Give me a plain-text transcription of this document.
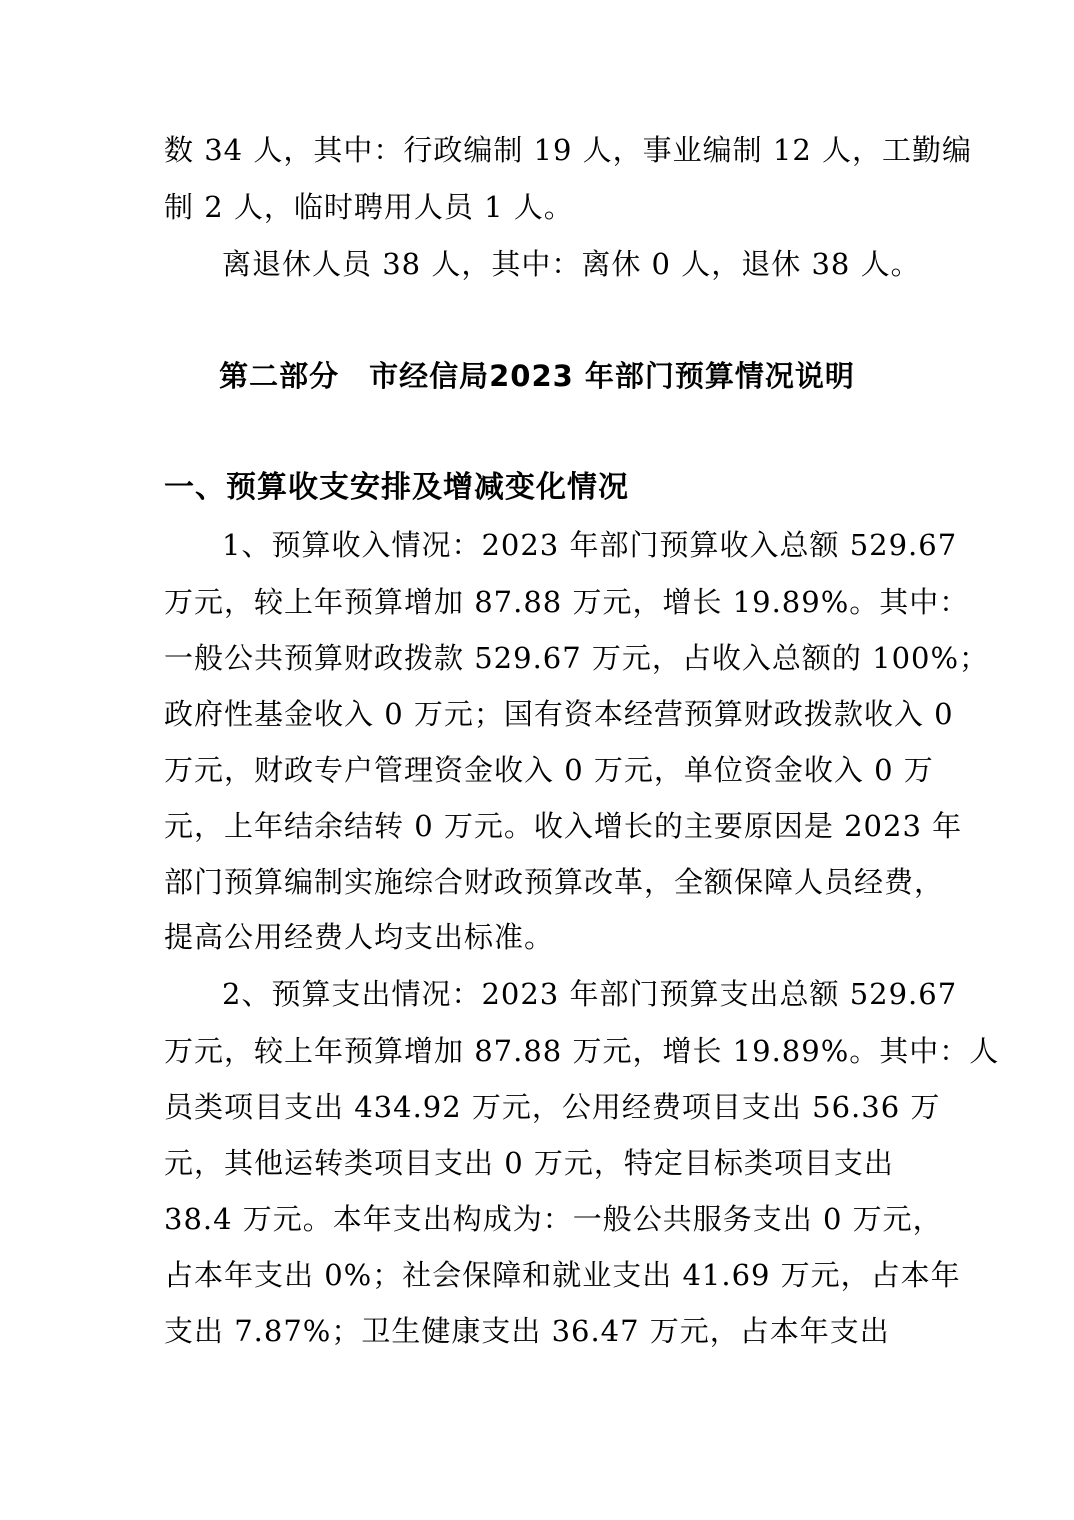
数 34 人，其中：行政编制 19 人，事业编制 12 人，工勤编
制 2 人，临时聘用人员 1 人。
离退休人员 38 人，其中：离休 0 人，退休 38 人。
第二部分　市经信局2023 年部门预算情况说明
一、预算收支安排及增减变化情况
1、预算收入情况：2023 年部门预算收入总额 529.67
万元，较上年预算增加 87.88 万元，增长 19.89%。其中：
一般公共预算财政拨款 529.67 万元，占收入总额的 100%；
政府性基金收入 0 万元；国有资本经营预算财政拨款收入 0
万元，财政专户管理资金收入 0 万元，单位资金收入 0 万
元，上年结余结转 0 万元。收入增长的主要原因是 2023 年
部门预算编制实施综合财政预算改革，全额保障人员经费，
提高公用经费人均支出标准。
2、预算支出情况：2023 年部门预算支出总额 529.67
万元，较上年预算增加 87.88 万元，增长 19.89%。其中：人
员类项目支出 434.92 万元，公用经费项目支出 56.36 万
元，其他运转类项目支出 0 万元，特定目标类项目支出
38.4 万元。本年支出构成为：一般公共服务支出 0 万元，
占本年支出 0%；社会保障和就业支出 41.69 万元，占本年
支出 7.87%；卫生健康支出 36.47 万元，占本年支出
